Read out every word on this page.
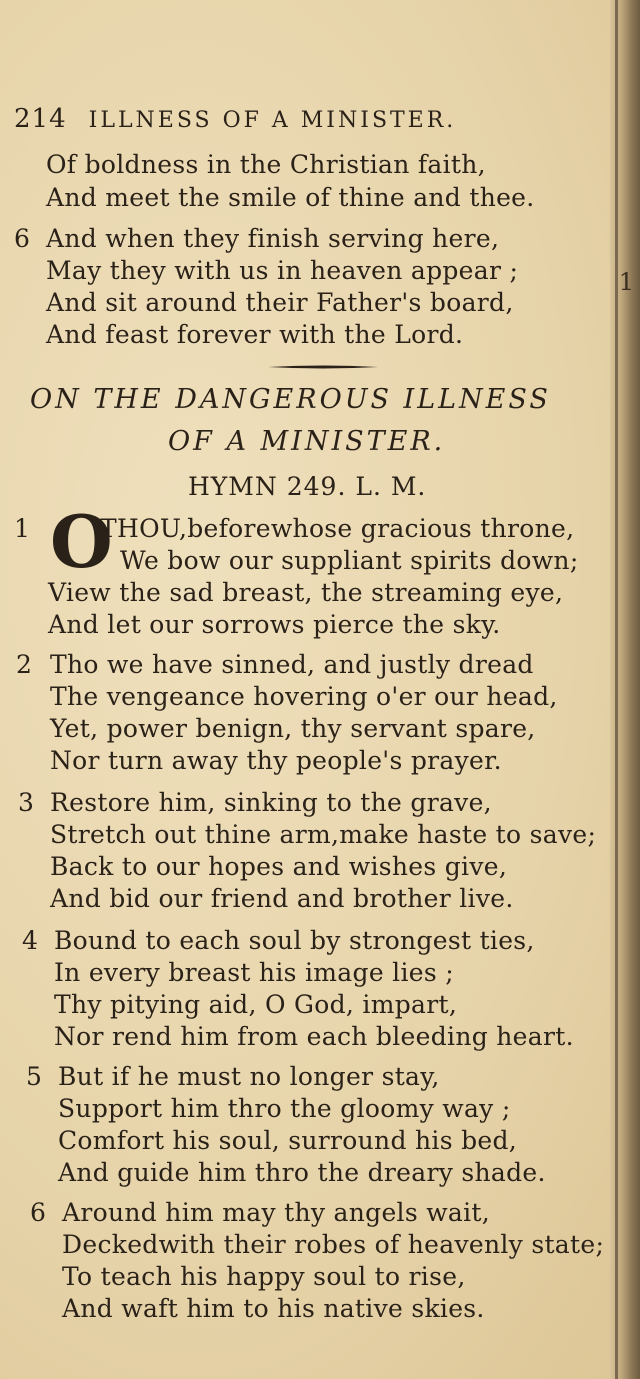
1
214 ILLNESS OF A MINISTER.
Of boldness in the Christian faith,
And meet the smile of thine and thee.
6 And when they finish serving here,
May they with us in heaven appear ;
And sit around their Father's board,
And feast forever with the Lord.
ON THE DANGEROUS ILLNESS
OF A MINISTER.
HYMN 249. L. M.
1 O
THOU,beforewhose gracious throne,
We bow our suppliant spirits down;
View the sad breast, the streaming eye,
And let our sorrows pierce the sky.
2 Tho we have sinned, and justly dread
The vengeance hovering o'er our head,
Yet, power benign, thy servant spare,
Nor turn away thy people's prayer.
3 Restore him, sinking to the grave,
Stretch out thine arm,make haste to save;
Back to our hopes and wishes give,
And bid our friend and brother live.
4 Bound to each soul by strongest ties,
In every breast his image lies ;
Thy pitying aid, O God, impart,
Nor rend him from each bleeding heart.
5 But if he must no longer stay,
Support him thro the gloomy way ;
Comfort his soul, surround his bed,
And guide him thro the dreary shade.
6 Around him may thy angels wait,
Deckedwith their robes of heavenly state;
To teach his happy soul to rise,
And waft him to his native skies.
